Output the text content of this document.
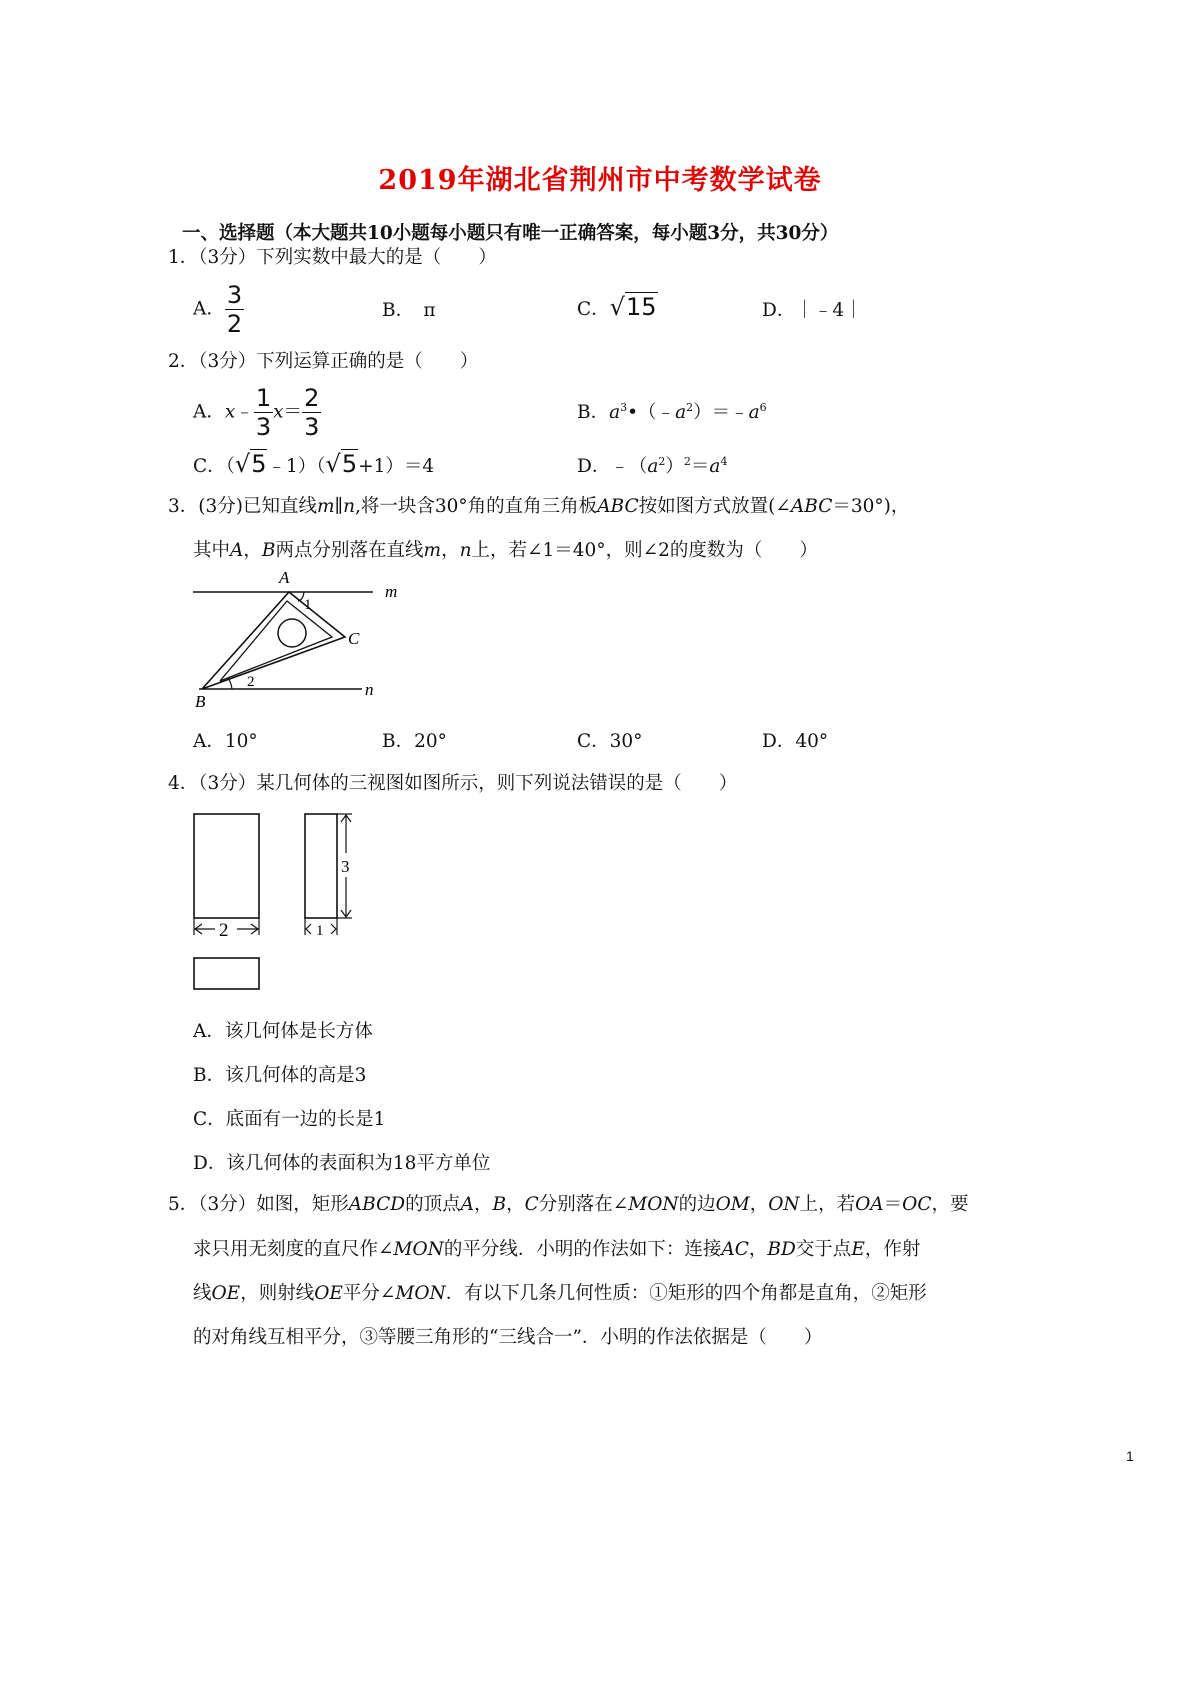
2019年湖北省荆州市中考数学试卷
一、选择题（本大题共10小题每小题只有唯一正确答案，每小题3分，共30分）
1．（3分）下列实数中最大的是（　　）
A． $\frac{3}{2}$	B．　π	C．√15	D．｜﹣4｜
2．（3分）下列运算正确的是（　　）
A．x﹣ $\frac{1}{3} x= \frac{2}{3}$	B．$a^3•(﹣a^2)=﹣a^6$
C．（√5﹣1）（√5+1）＝4	D．$﹣(a^2)^2=a^4$
3．(3分)已知直线m∥n,将一块含30°角的直角三角板ABC按如图方式放置(∠ABC＝30°)，
其中A，B两点分别落在直线m，n上，若∠1＝40°，则∠2的度数为（　　）
A
1
m
C
2	n
B
A．10°	B．20°	C．30°	D．40°
4．（3分）某几何体的三视图如图所示，则下列说法错误的是（　　）
2
3
1
A．该几何体是长方体
B．该几何体的高是3
C．底面有一边的长是1
D．该几何体的表面积为18平方单位
5．（3分）如图，矩形ABCD的顶点A，B，C分别落在∠MON的边OM，ON上，若OA＝OC，要
求只用无刻度的直尺作∠MON的平分线．小明的作法如下：连接AC，BD交于点E，作射
线OE，则射线OE平分∠MON．有以下几条几何性质：①矩形的四个角都是直角，②矩形
的对角线互相平分，③等腰三角形的“三线合一”．小明的作法依据是（　　）
1
